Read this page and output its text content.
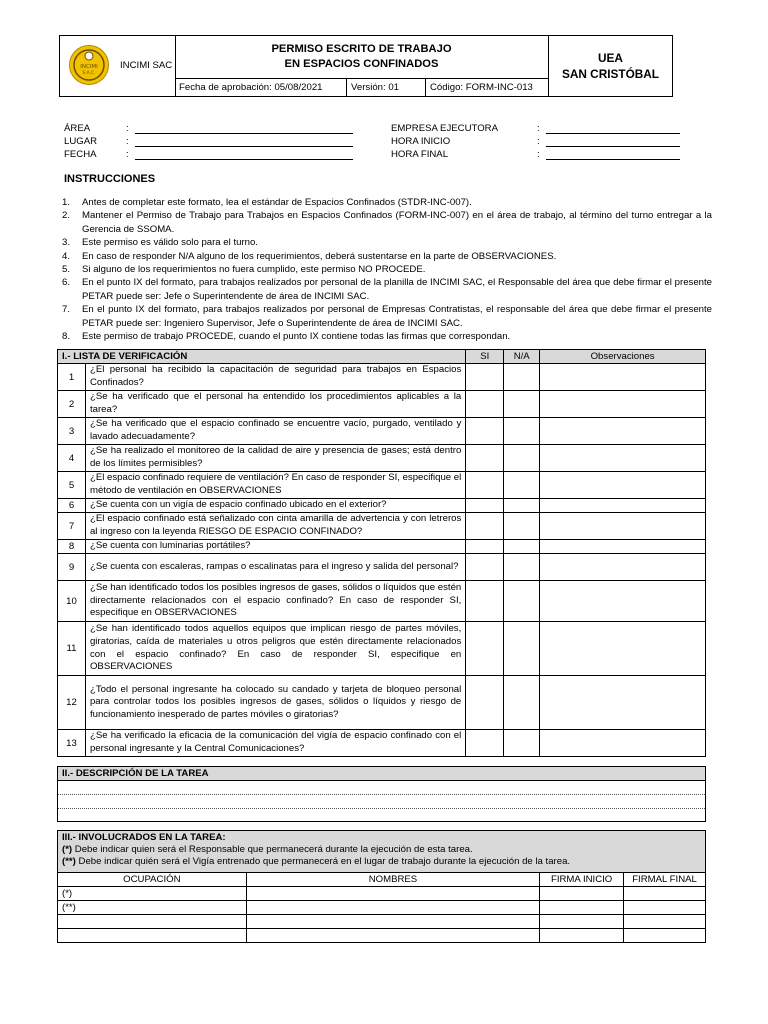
INCIMI
S.A.C.
INCIMI SAC
PERMISO ESCRITO DE TRABAJO
EN ESPACIOS CONFINADOS
Fecha de aprobación: 05/08/2021	Versión: 01	Código: FORM-INC-013
UEA
SAN CRISTÓBAL
ÁREA	:
LUGAR	:
FECHA	:
EMPRESA EJECUTORA	:
HORA INICIO	:
HORA FINAL	:
INSTRUCCIONES
1. Antes de completar este formato, lea el estándar de Espacios Confinados (STDR-INC-007).
2. Mantener el Permiso de Trabajo para Trabajos en Espacios Confinados (FORM-INC-007) en el área de trabajo, al término del turno entregar a la Gerencia de SSOMA.
3. Este permiso es válido solo para el turno.
4. En caso de responder N/A alguno de los requerimientos, deberá sustentarse en la parte de OBSERVACIONES.
5. Si alguno de los requerimientos no fuera cumplido, este permiso NO PROCEDE.
6. En el punto IX del formato, para trabajos realizados por personal de la planilla de INCIMI SAC, el Responsable del área que debe firmar el presente PETAR puede ser: Jefe o Superintendente de área de INCIMI SAC.
7. En el punto IX del formato, para trabajos realizados por personal de Empresas Contratistas, el responsable del área que debe firmar el presente PETAR puede ser: Ingeniero Supervisor, Jefe o Superintendente de área de INCIMI SAC.
8. Este permiso de trabajo PROCEDE, cuando el punto IX contiene todas las firmas que correspondan.
I.- LISTA DE VERIFICACIÓN		SI	N/A	Observaciones
1	¿El personal ha recibido la capacitación de seguridad para trabajos en Espacios Confinados?			
2	¿Se ha verificado que el personal ha entendido los procedimientos aplicables a la tarea?			
3	¿Se ha verificado que el espacio confinado se encuentre vacío, purgado, ventilado y lavado adecuadamente?			
4	¿Se ha realizado el monitoreo de la calidad de aire y presencia de gases; está dentro de los límites permisibles?			
5	¿El espacio confinado requiere de ventilación? En caso de responder SI, especifique el método de ventilación en OBSERVACIONES			
6	¿Se cuenta con un vigía de espacio confinado ubicado en el exterior?			
7	¿El espacio confinado está señalizado con cinta amarilla de advertencia y con letreros al ingreso con la leyenda RIESGO DE ESPACIO CONFINADO?			
8	¿Se cuenta con luminarias portátiles?			
9	¿Se cuenta con escaleras, rampas o escalinatas para el ingreso y salida del personal?			
10	¿Se han identificado todos los posibles ingresos de gases, sólidos o líquidos que estén directamente relacionados con el espacio confinado? En caso de responder SI, especifique en OBSERVACIONES			
11	¿Se han identificado todos aquellos equipos que implican riesgo de partes móviles, giratorias, caída de materiales u otros peligros que estén directamente relacionados con el espacio confinado? En caso de responder SI, especifique en OBSERVACIONES			
12	¿Todo el personal ingresante ha colocado su candado y tarjeta de bloqueo personal para controlar todos los posibles ingresos de gases, sólidos o líquidos y riesgo de funcionamiento inesperado de partes móviles o giratorias?			
13	¿Se ha verificado la eficacia de la comunicación del vigía de espacio confinado con el personal ingresante y la Central Comunicaciones?			
II.- DESCRIPCIÓN DE LA TAREA
III.- INVOLUCRADOS EN LA TAREA:
(*) Debe indicar quien será el Responsable que permanecerá durante la ejecución de esta tarea.
(**) Debe indicar quién será el Vigía entrenado que permanecerá en el lugar de trabajo durante la ejecución de la tarea.			

OCUPACIÓN	NOMBRES	FIRMA INICIO	FIRMAL FINAL
(*)			
(**)			
